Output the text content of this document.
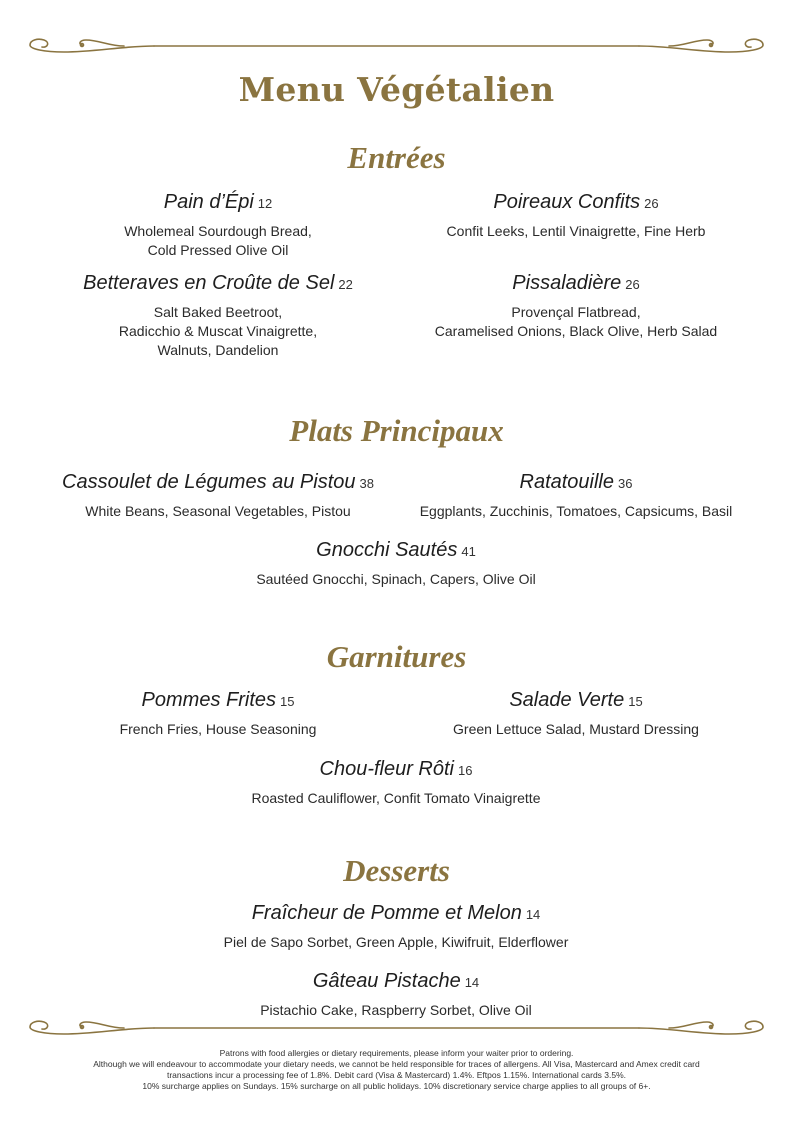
Menu Végétalien
Entrées
Pain d’Épi 12
Wholemeal Sourdough Bread,
Cold Pressed Olive Oil
Poireaux Confits 26
Confit Leeks, Lentil Vinaigrette, Fine Herb
Betteraves en Croûte de Sel 22
Salt Baked Beetroot,
Radicchio & Muscat Vinaigrette,
Walnuts, Dandelion
Pissaladière 26
Provençal Flatbread,
Caramelised Onions, Black Olive, Herb Salad
Plats Principaux
Cassoulet de Légumes au Pistou 38
White Beans, Seasonal Vegetables, Pistou
Ratatouille 36
Eggplants, Zucchinis, Tomatoes, Capsicums, Basil
Gnocchi Sautés 41
Sautéed Gnocchi, Spinach, Capers, Olive Oil
Garnitures
Pommes Frites 15
French Fries, House Seasoning
Salade Verte 15
Green Lettuce Salad, Mustard Dressing
Chou-fleur Rôti 16
Roasted Cauliflower, Confit Tomato Vinaigrette
Desserts
Fraîcheur de Pomme et Melon 14
Piel de Sapo Sorbet, Green Apple, Kiwifruit, Elderflower
Gâteau Pistache 14
Pistachio Cake, Raspberry Sorbet, Olive Oil
Patrons with food allergies or dietary requirements, please inform your waiter prior to ordering.
Although we will endeavour to accommodate your dietary needs, we cannot be held responsible for traces of allergens. All Visa, Mastercard and Amex credit card
transactions incur a processing fee of 1.8%. Debit card (Visa & Mastercard) 1.4%. Eftpos 1.15%. International cards 3.5%.
10% surcharge applies on Sundays. 15% surcharge on all public holidays. 10% discretionary service charge applies to all groups of 6+.
